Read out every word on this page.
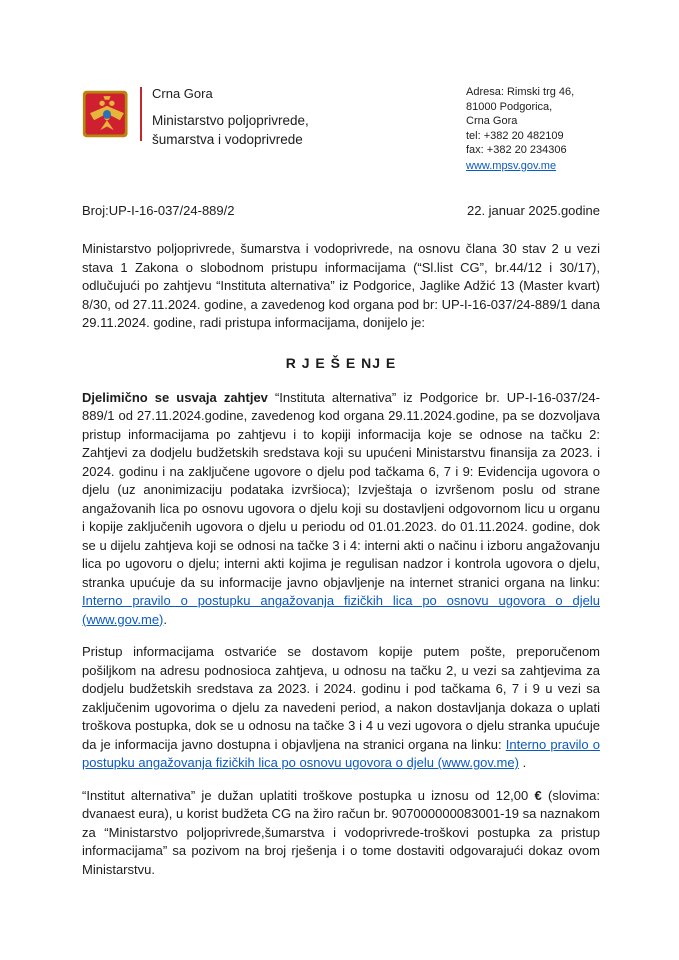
Crna Gora
Ministarstvo poljoprivrede,
šumarstva i vodoprivrede
Adresa: Rimski trg 46,
81000 Podgorica,
Crna Gora
tel: +382 20 482109
fax: +382 20 234306
www.mpsv.gov.me
Broj:UP-I-16-037/24-889/2	22. januar 2025.godine

Ministarstvo poljoprivrede, šumarstva i vodoprivrede, na osnovu člana 30 stav 2 u vezi stava 1 Zakona o slobodnom pristupu informacijama (“Sl.list CG”, br.44/12 i 30/17), odlučujući po zahtjevu “Instituta alternativa” iz Podgorice, Jaglike Adžić 13 (Master kvart) 8/30, od 27.11.2024. godine, a zavedenog kod organa pod br: UP-I-16-037/24-889/1 dana 29.11.2024. godine, radi pristupa informacijama, donijelo je:

R J E Š E NJ E

Djelimično se usvaja zahtjev “Instituta alternativa” iz Podgorice br. UP-I-16-037/24-889/1 od 27.11.2024.godine, zavedenog kod organa 29.11.2024.godine, pa se dozvoljava pristup informacijama po zahtjevu i to kopiji informacija koje se odnose na tačku 2: Zahtjevi za dodjelu budžetskih sredstava koji su upućeni Ministarstvu finansija za 2023. i 2024. godinu i na zaključene ugovore o djelu pod tačkama 6, 7 i 9: Evidencija ugovora o djelu (uz anonimizaciju podataka izvršioca); Izvještaja o izvršenom poslu od strane angažovanih lica po osnovu ugovora o djelu koji su dostavljeni odgovornom licu u organu i kopije zaključenih ugovora o djelu u periodu od 01.01.2023. do 01.11.2024. godine, dok se u dijelu zahtjeva koji se odnosi na tačke 3 i 4: interni akti o načinu i izboru angažovanju lica po ugovoru o djelu; interni akti kojima je regulisan nadzor i kontrola ugovora o djelu, stranka upućuje da su informacije javno objavljenje na internet stranici organa na linku: Interno pravilo o postupku angažovanja fizičkih lica po osnovu ugovora o djelu (www.gov.me).

Pristup informacijama ostvariće se dostavom kopije putem pošte, preporučenom pošiljkom na adresu podnosioca zahtjeva, u odnosu na tačku 2, u vezi sa zahtjevima za dodjelu budžetskih sredstava za 2023. i 2024. godinu i pod tačkama 6, 7 i 9 u vezi sa zaključenim ugovorima o djelu za navedeni period, a nakon dostavljanja dokaza o uplati troškova postupka, dok se u odnosu na tačke 3 i 4 u vezi ugovora o djelu stranka upućuje da je informacija javno dostupna i objavljena na stranici organa na linku: Interno pravilo o postupku angažovanja fizičkih lica po osnovu ugovora o djelu (www.gov.me) .

“Institut alternativa” je dužan uplatiti troškove postupka u iznosu od 12,00 € (slovima: dvanaest eura), u korist budžeta CG na žiro račun br. 907000000083001-19 sa naznakom za “Ministarstvo poljoprivrede,šumarstva i vodoprivrede-troškovi postupka za pristup informacijama” sa pozivom na broj rješenja i o tome dostaviti odgovarajući dokaz ovom Ministarstvu.
